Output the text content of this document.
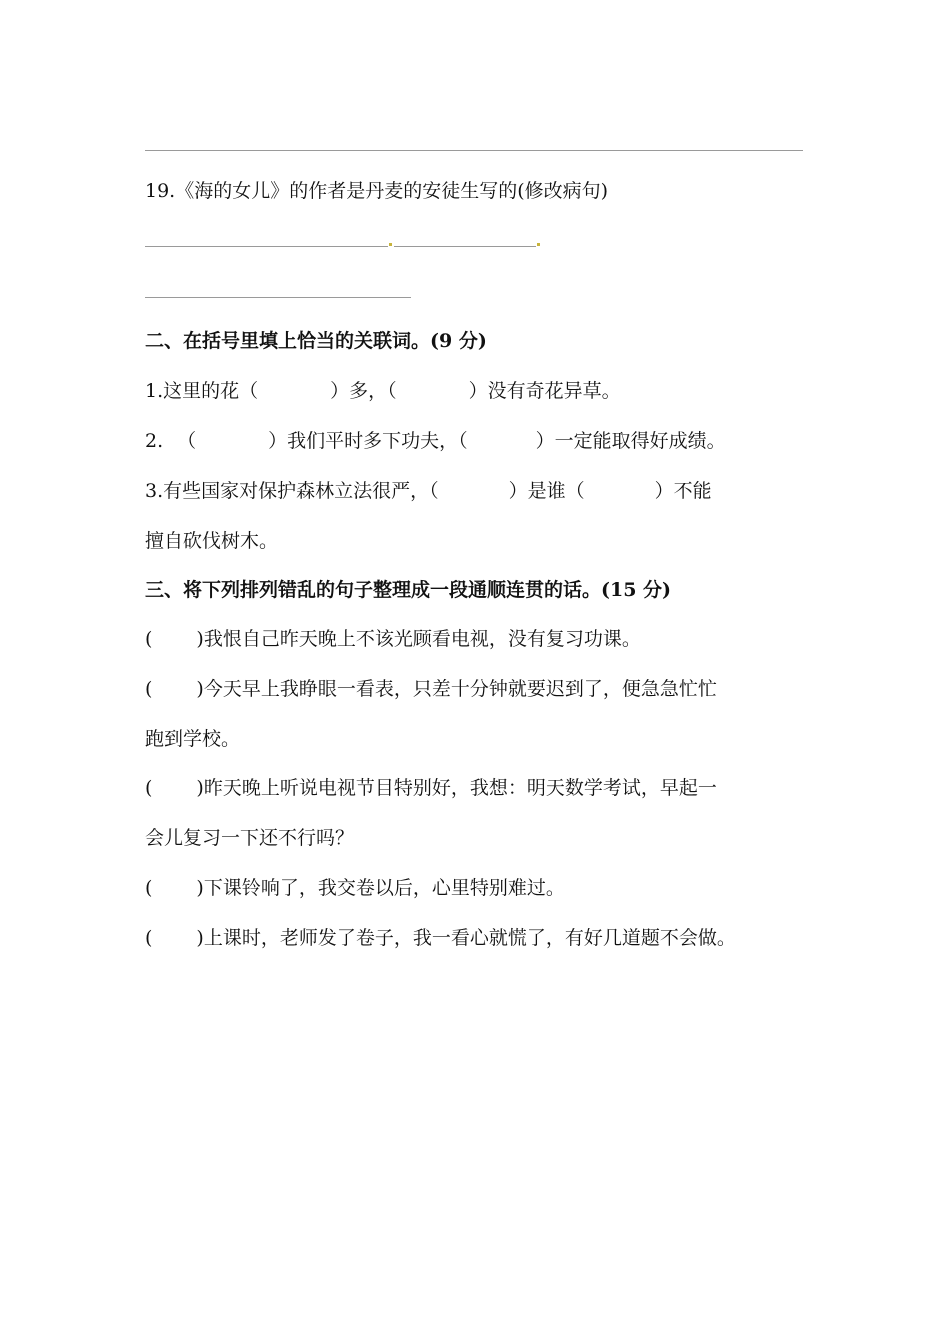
19.《海的女儿》的作者是丹麦的安徒生写的(修改病句)
二、在括号里填上恰当的关联词。(9 分)
1.这里的花（	）多，（	）没有奇花异草。
2. （	）我们平时多下功夫，（	）一定能取得好成绩。
3.有些国家对保护森林立法很严，（	）是谁（	）不能
擅自砍伐树木。
三、将下列排列错乱的句子整理成一段通顺连贯的话。(15 分)
( )我恨自己昨天晚上不该光顾看电视，没有复习功课。
( )今天早上我睁眼一看表，只差十分钟就要迟到了，便急急忙忙
跑到学校。
( )昨天晚上听说电视节目特别好，我想：明天数学考试，早起一
会儿复习一下还不行吗？
( )下课铃响了，我交卷以后，心里特别难过。
( )上课时，老师发了卷子，我一看心就慌了，有好几道题不会做。
